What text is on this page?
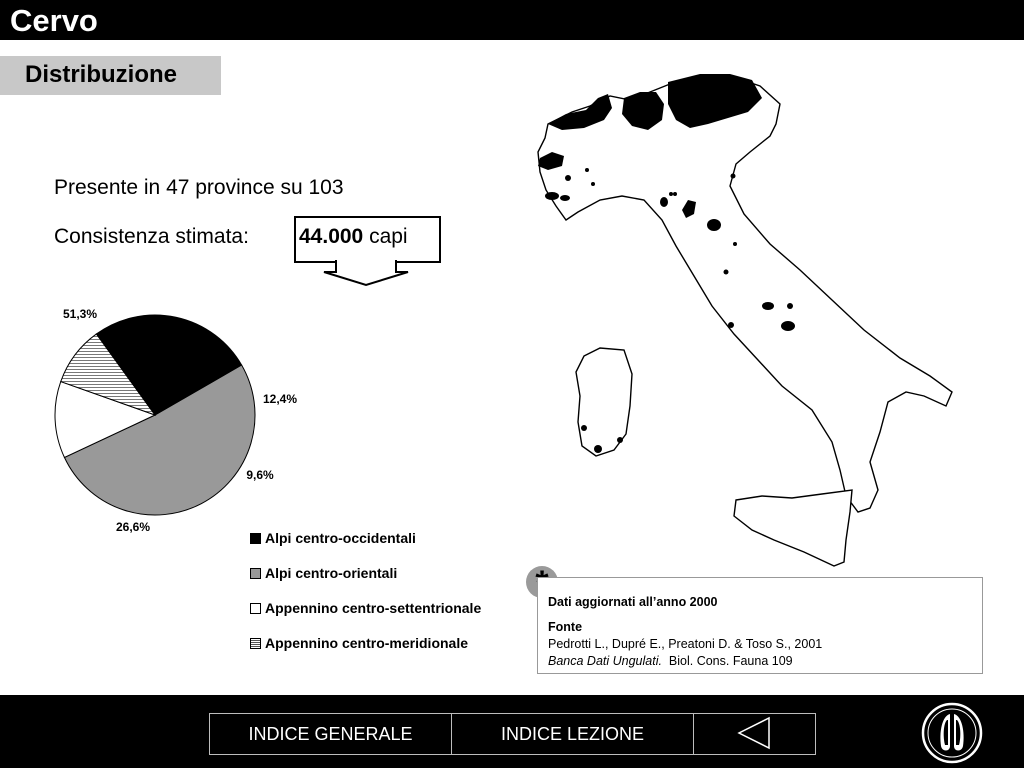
Cervo
Distribuzione
Presente in 47 province su 103
Consistenza stimata: 44.000 capi
51,3%
12,4%
9,6%
26,6%
Alpi centro-occidentali
Alpi centro-orientali
Appennino centro-settentrionale
Appennino centro-meridionale
Dati aggiornati all’anno 2000
Fonte
Pedrotti L., Dupré E., Preatoni D. & Toso S., 2001
Banca Dati Ungulati. Biol. Cons. Fauna 109
INDICE GENERALE	INDICE LEZIONE
